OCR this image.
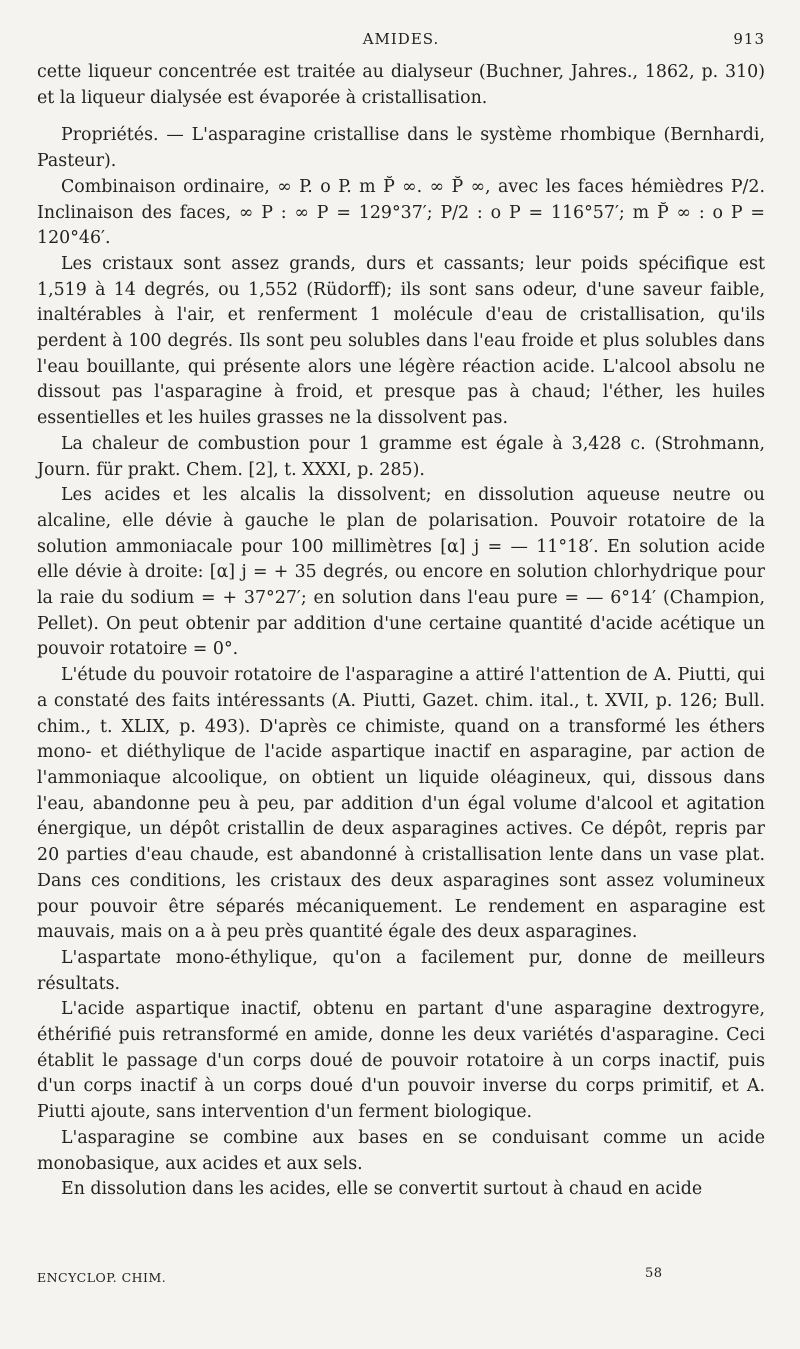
AMIDES.	913

cette liqueur concentrée est traitée au dialyseur (Buchner, Jahres., 1862, p. 310) et la liqueur dialysée est évaporée à cristallisation.

Propriétés. — L'asparagine cristallise dans le système rhombique (Bernhardi, Pasteur).

Combinaison ordinaire, ∞ P. o P. m P̆ ∞. ∞ P̆ ∞, avec les faces hémièdres P/2. Inclinaison des faces, ∞ P : ∞ P = 129°37′; P/2 : o P = 116°57′; m P̆ ∞ : o P = 120°46′.

Les cristaux sont assez grands, durs et cassants; leur poids spécifique est 1,519 à 14 degrés, ou 1,552 (Rüdorff); ils sont sans odeur, d'une saveur faible, inaltérables à l'air, et renferment 1 molécule d'eau de cristallisation, qu'ils perdent à 100 degrés. Ils sont peu solubles dans l'eau froide et plus solubles dans l'eau bouillante, qui présente alors une légère réaction acide. L'alcool absolu ne dissout pas l'asparagine à froid, et presque pas à chaud; l'éther, les huiles essentielles et les huiles grasses ne la dissolvent pas.

La chaleur de combustion pour 1 gramme est égale à 3,428 c. (Strohmann, Journ. für prakt. Chem. [2], t. XXXI, p. 285).

Les acides et les alcalis la dissolvent; en dissolution aqueuse neutre ou alcaline, elle dévie à gauche le plan de polarisation. Pouvoir rotatoire de la solution ammoniacale pour 100 millimètres [α] j = — 11°18′. En solution acide elle dévie à droite: [α] j = + 35 degrés, ou encore en solution chlorhydrique pour la raie du sodium = + 37°27′; en solution dans l'eau pure = — 6°14′ (Champion, Pellet). On peut obtenir par addition d'une certaine quantité d'acide acétique un pouvoir rotatoire = 0°.

L'étude du pouvoir rotatoire de l'asparagine a attiré l'attention de A. Piutti, qui a constaté des faits intéressants (A. Piutti, Gazet. chim. ital., t. XVII, p. 126; Bull. chim., t. XLIX, p. 493). D'après ce chimiste, quand on a transformé les éthers mono- et diéthylique de l'acide aspartique inactif en asparagine, par action de l'ammoniaque alcoolique, on obtient un liquide oléagineux, qui, dissous dans l'eau, abandonne peu à peu, par addition d'un égal volume d'alcool et agitation énergique, un dépôt cristallin de deux asparagines actives. Ce dépôt, repris par 20 parties d'eau chaude, est abandonné à cristallisation lente dans un vase plat. Dans ces conditions, les cristaux des deux asparagines sont assez volumineux pour pouvoir être séparés mécaniquement. Le rendement en asparagine est mauvais, mais on a à peu près quantité égale des deux asparagines.

L'aspartate mono-éthylique, qu'on a facilement pur, donne de meilleurs résultats.

L'acide aspartique inactif, obtenu en partant d'une asparagine dextrogyre, éthérifié puis retransformé en amide, donne les deux variétés d'asparagine. Ceci établit le passage d'un corps doué de pouvoir rotatoire à un corps inactif, puis d'un corps inactif à un corps doué d'un pouvoir inverse du corps primitif, et A. Piutti ajoute, sans intervention d'un ferment biologique.

L'asparagine se combine aux bases en se conduisant comme un acide monobasique, aux acides et aux sels.

En dissolution dans les acides, elle se convertit surtout à chaud en acide

ENCYCLOP. CHIM.	58
